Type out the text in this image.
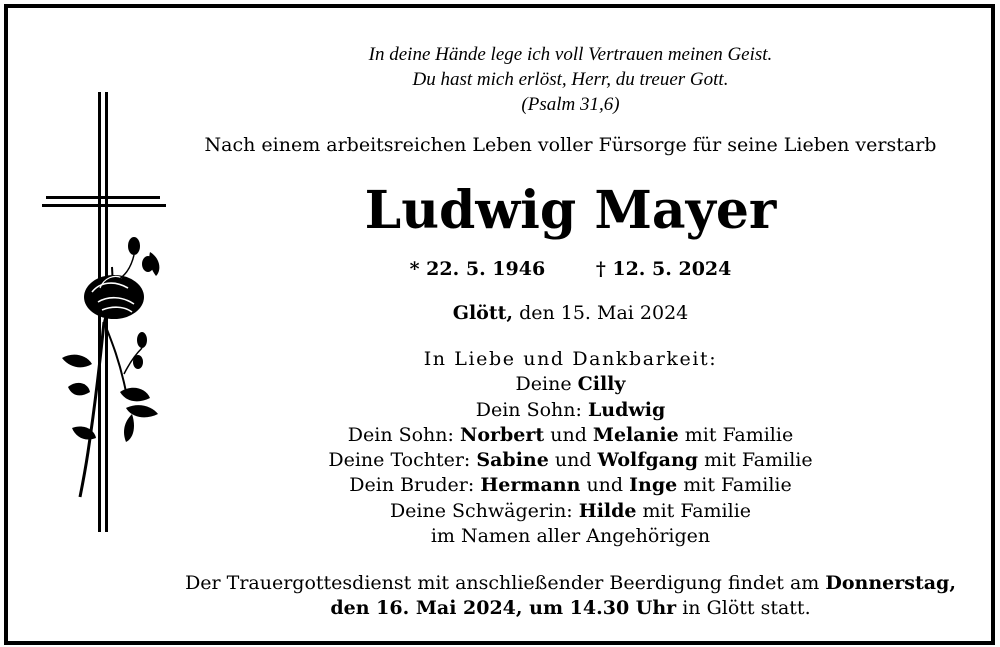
In deine Hände lege ich voll Vertrauen meinen Geist.
Du hast mich erlöst, Herr, du treuer Gott.
(Psalm 31,6)
Nach einem arbeitsreichen Leben voller Fürsorge für seine Lieben verstarb
Ludwig Mayer
* 22. 5. 1946	† 12. 5. 2024
Glött, den 15. Mai 2024
In Liebe und Dankbarkeit:
Deine Cilly
Dein Sohn: Ludwig
Dein Sohn: Norbert und Melanie mit Familie
Deine Tochter: Sabine und Wolfgang mit Familie
Dein Bruder: Hermann und Inge mit Familie
Deine Schwägerin: Hilde mit Familie
im Namen aller Angehörigen
Der Trauergottesdienst mit anschließender Beerdigung findet am Donnerstag,
den 16. Mai 2024, um 14.30 Uhr in Glött statt.
